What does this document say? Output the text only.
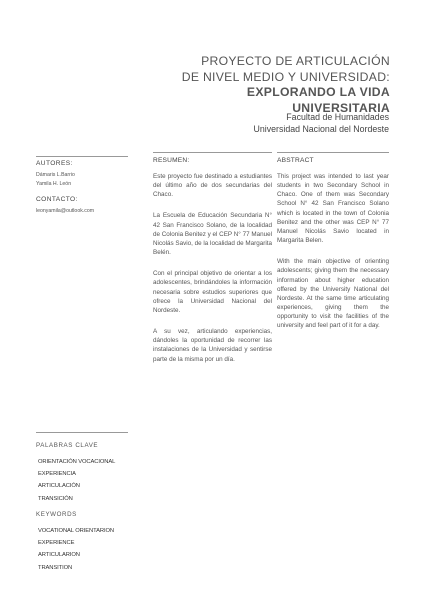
PROYECTO DE ARTICULACIÓN
DE NIVEL MEDIO Y UNIVERSIDAD:
EXPLORANDO LA VIDA UNIVERSITARIA
Facultad de Humanidades
Universidad Nacional del Nordeste
AUTORES:
Dámaris L.Barrio
Yamila H. León
CONTACTO:
leonyamila@outlook.com
RESUMEN:

Este proyecto fue destinado a estudiantes del último año de dos secundarias del Chaco.

La Escuela de Educación Secundaria N° 42 San Francisco Solano, de la localidad de Colonia Benitez y el CEP N° 77 Manuel Nicolás Savio, de la localidad de Margarita Belén.

Con el principal objetivo de orientar a los adolescentes, brindándoles la información necesaria sobre estudios superiores que ofrece la Universidad Nacional del Nordeste.

A su vez, articulando experiencias, dándoles la oportunidad de recorrer las instalaciones de la Universidad y sentirse parte de la misma por un día.

ABSTRACT

This project was intended to last year students in two Secondary School in Chaco. One of them was Secondary School N° 42 San Francisco Solano which is located in the town of Colonia Benitez and the other was CEP N° 77 Manuel Nicolás Savio located in Margarita Belen.

With the main objective of orienting adolescents; giving them the necessary information about higher education offered by the University National del Nordeste. At the same time articulating experiences, giving them the opportunity to visit the facilities of the university and feel part of it for a day.

PALABRAS CLAVE
ORIENTACIÓN VOCACIONAL
EXPERIENCIA
ARTICULACIÓN
TRANSICIÓN
KEYWORDS
VOCATIONAL ORIENTARION
EXPERIENCE
ARTICULARION
TRANSITION
